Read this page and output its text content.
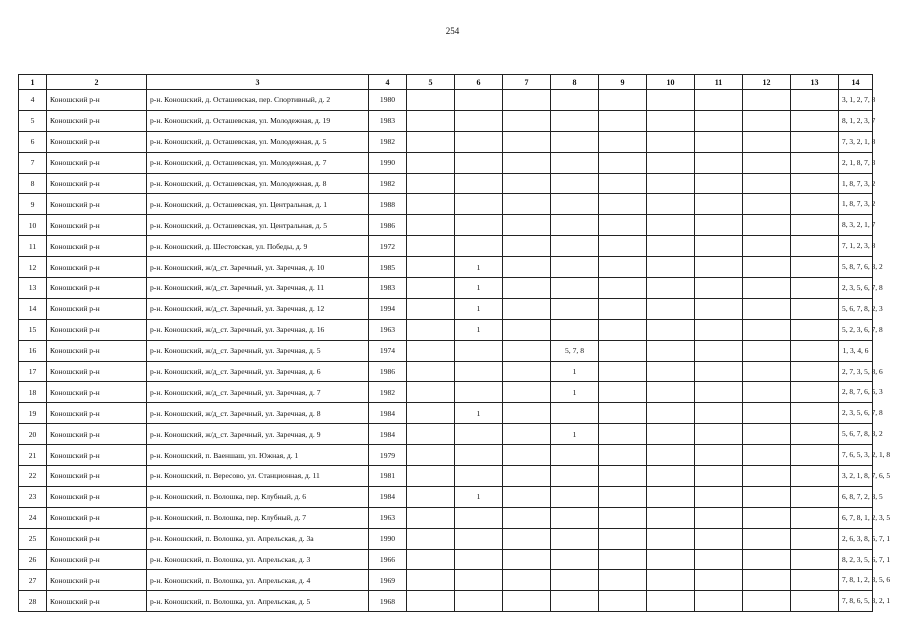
254
1	2	3	4	5	6	7	8	9	10	11	12	13	14
4	Коношский р-н	р-н. Коношский, д. Осташевская, пер. Спортивный, д. 2	1980										3, 1, 2, 7, 8
5	Коношский р-н	р-н. Коношский, д. Осташевская, ул. Молодежная, д. 19	1983										8, 1, 2, 3, 7
6	Коношский р-н	р-н. Коношский, д. Осташевская, ул. Молодежная, д. 5	1982										7, 3, 2, 1, 8
7	Коношский р-н	р-н. Коношский, д. Осташевская, ул. Молодежная, д. 7	1990										2, 1, 8, 7, 3
8	Коношский р-н	р-н. Коношский, д. Осташевская, ул. Молодежная, д. 8	1982										1, 8, 7, 3, 2
9	Коношский р-н	р-н. Коношский, д. Осташевская, ул. Центральная, д. 1	1988										1, 8, 7, 3, 2
10	Коношский р-н	р-н. Коношский, д. Осташевская, ул. Центральная, д. 5	1986										8, 3, 2, 1, 7
11	Коношский р-н	р-н. Коношский, д. Шестовская, ул. Победы, д. 9	1972										7, 1, 2, 3, 8
12	Коношский р-н	р-н. Коношский, ж/д_ст. Заречный, ул. Заречная, д. 10	1985		1								5, 8, 7, 6, 3, 2
13	Коношский р-н	р-н. Коношский, ж/д_ст. Заречный, ул. Заречная, д. 11	1983		1								2, 3, 5, 6, 7, 8
14	Коношский р-н	р-н. Коношский, ж/д_ст. Заречный, ул. Заречная, д. 12	1994		1								5, 6, 7, 8, 2, 3
15	Коношский р-н	р-н. Коношский, ж/д_ст. Заречный, ул. Заречная, д. 16	1963		1								5, 2, 3, 6, 7, 8
16	Коношский р-н	р-н. Коношский, ж/д_ст. Заречный, ул. Заречная, д. 5	1974				5, 7, 8						1, 3, 4, 6
17	Коношский р-н	р-н. Коношский, ж/д_ст. Заречный, ул. Заречная, д. 6	1986				1						2, 7, 3, 5, 8, 6
18	Коношский р-н	р-н. Коношский, ж/д_ст. Заречный, ул. Заречная, д. 7	1982				1						2, 8, 7, 6, 5, 3
19	Коношский р-н	р-н. Коношский, ж/д_ст. Заречный, ул. Заречная, д. 8	1984		1								2, 3, 5, 6, 7, 8
20	Коношский р-н	р-н. Коношский, ж/д_ст. Заречный, ул. Заречная, д. 9	1984				1						5, 6, 7, 8, 3, 2
21	Коношский р-н	р-н. Коношский, п. Ваеншаш, ул. Южная, д. 1	1979										7, 6, 5, 3, 2, 1, 8
22	Коношский р-н	р-н. Коношский, п. Вересово, ул. Станционная, д. 11	1981										3, 2, 1, 8, 7, 6, 5
23	Коношский р-н	р-н. Коношский, п. Волошка, пер. Клубный, д. 6	1984		1								6, 8, 7, 2, 3, 5
24	Коношский р-н	р-н. Коношский, п. Волошка, пер. Клубный, д. 7	1963										6, 7, 8, 1, 2, 3, 5
25	Коношский р-н	р-н. Коношский, п. Волошка, ул. Апрельская, д. 3а	1990										2, 6, 3, 8, 5, 7, 1
26	Коношский р-н	р-н. Коношский, п. Волошка, ул. Апрельская, д. 3	1966										8, 2, 3, 5, 6, 7, 1
27	Коношский р-н	р-н. Коношский, п. Волошка, ул. Апрельская, д. 4	1969										7, 8, 1, 2, 3, 5, 6
28	Коношский р-н	р-н. Коношский, п. Волошка, ул. Апрельская, д. 5	1968										7, 8, 6, 5, 3, 2, 1
